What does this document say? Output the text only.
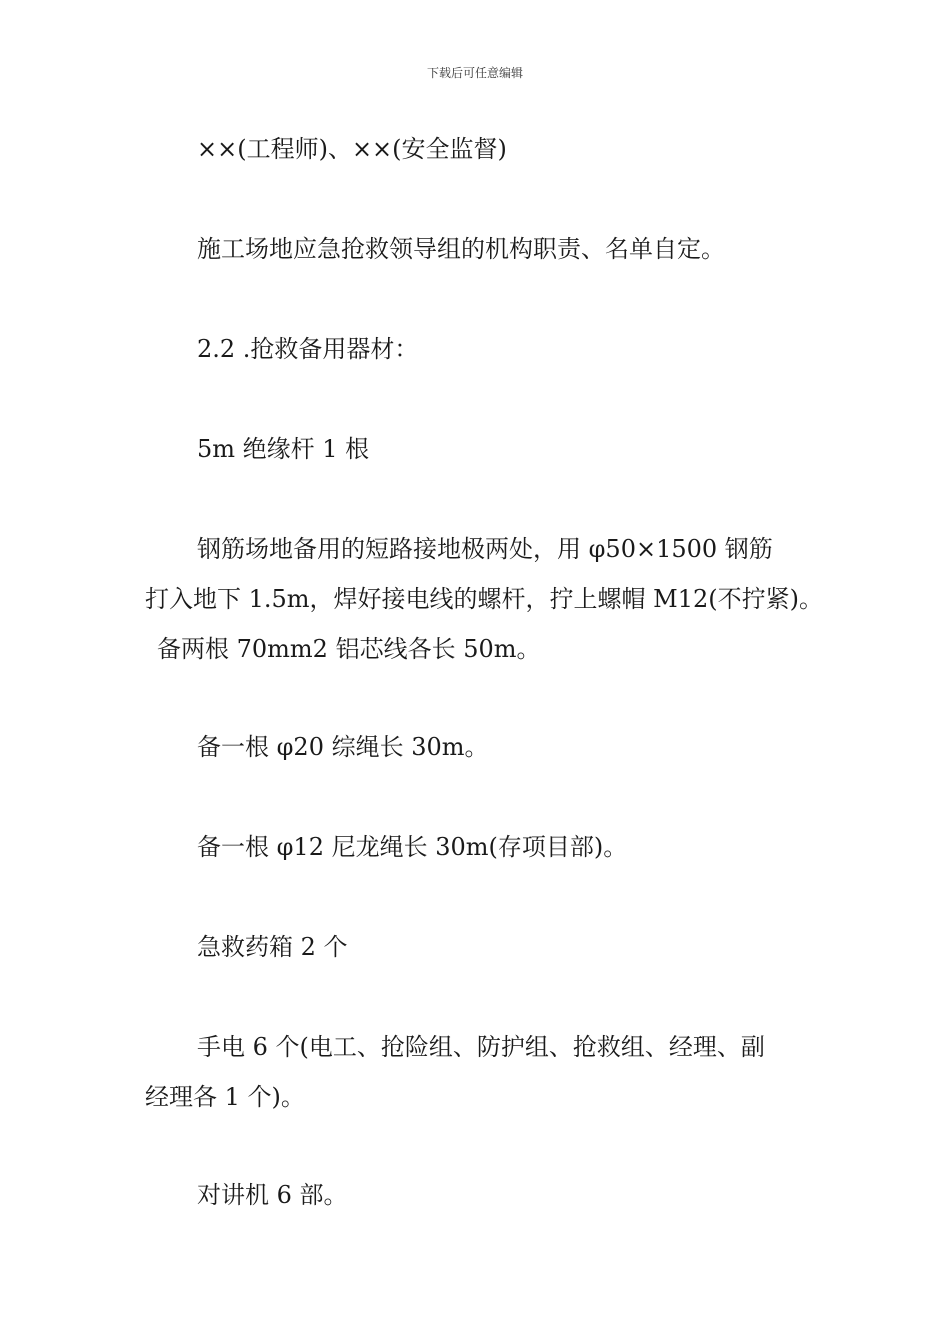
下载后可任意编辑

××(工程师)、××(安全监督)

施工场地应急抢救领导组的机构职责、名单自定。

2.2 .抢救备用器材：

5m 绝缘杆 1 根

钢筋场地备用的短路接地极两处，用 φ50×1500 钢筋

打入地下 1.5m，焊好接电线的螺杆，拧上螺帽 M12(不拧紧)。

备两根 70mm2 铝芯线各长 50m。

备一根 φ20 综绳长 30m。

备一根 φ12 尼龙绳长 30m(存项目部)。

急救药箱 2 个

手电 6 个(电工、抢险组、防护组、抢救组、经理、副

经理各 1 个)。

对讲机 6 部。
